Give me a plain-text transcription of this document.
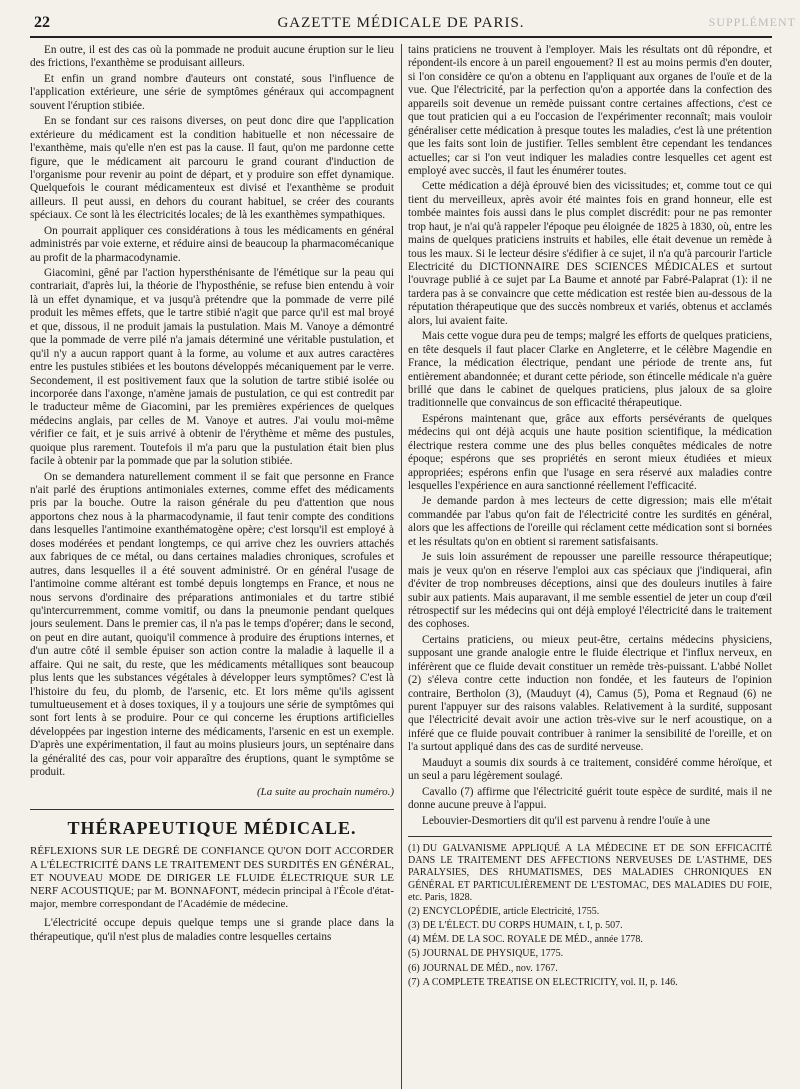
22	GAZETTE MÉDICALE DE PARIS.	SUPPLÉMENT

En outre, il est des cas où la pommade ne produit aucune éruption sur le lieu des frictions, l'exanthème se produisant ailleurs.

Et enfin un grand nombre d'auteurs ont constaté, sous l'influence de l'application extérieure, une série de symptômes généraux qui accompagnent souvent l'éruption stibiée.

En se fondant sur ces raisons diverses, on peut donc dire que l'application extérieure du médicament est la condition habituelle et non nécessaire de l'exanthème, mais qu'elle n'en est pas la cause. Il faut, qu'on me pardonne cette figure, que le médicament ait parcouru le grand courant d'induction de l'organisme pour revenir au point de départ, et y produire son effet dynamique. Quelquefois le courant médicamenteux est divisé et l'exanthème se produit ailleurs. Il peut aussi, en dehors du courant habituel, se créer des courants spéciaux. Ce sont là les électricités locales; de là les exanthèmes sympathiques.

On pourrait appliquer ces considérations à tous les médicaments en général administrés par voie externe, et réduire ainsi de beaucoup la pharmacomécanique au profit de la pharmacodynamie.

Giacomini, gêné par l'action hypersthénisante de l'émétique sur la peau qui contrariait, d'après lui, la théorie de l'hyposthénie, se refuse bien entendu à voir là un effet dynamique, et va jusqu'à prétendre que la pommade de verre pilé produit les mêmes effets, que le tartre stibié n'agit que parce qu'il est mal broyé et que, dissous, il ne produit jamais la pustulation. Mais M. Vanoye a démontré que la pommade de verre pilé n'a jamais déterminé une véritable pustulation, et qu'il n'y a aucun rapport quant à la forme, au volume et aux autres caractères entre les pustules stibiées et les boutons développés mécaniquement par le verre. Secondement, il est positivement faux que la solution de tartre stibié isolée ou incorporée dans l'axonge, n'amène jamais de pustulation, ce qui est contredit par le traducteur même de Giacomini, par les premières expériences de quelques médecins anglais, par celles de M. Vanoye et autres. J'ai voulu moi-même vérifier ce fait, et je suis arrivé à obtenir de l'érythème et même des pustules, quoique plus rarement. Toutefois il m'a paru que la pustulation était bien plus facile à obtenir par la pommade que par la solution stibiée.

On se demandera naturellement comment il se fait que personne en France n'ait parlé des éruptions antimoniales externes, comme effet des médicaments pris par la bouche. Outre la raison générale du peu d'attention que nous apportons chez nous à la pharmacodynamie, il faut tenir compte des conditions dans lesquelles l'antimoine exanthématogène opère; c'est lorsqu'il est employé à doses modérées et pendant longtemps, ce qui arrive chez les ouvriers attachés aux fabriques de ce métal, ou dans certaines maladies chroniques, scrofules et autres, dans lesquelles il a été souvent administré. Or en général l'usage de l'antimoine comme altérant est tombé depuis longtemps en France, et nous ne nous servons d'ordinaire des préparations antimoniales et du tartre stibié qu'intercurremment, comme vomitif, ou dans la pneumonie pendant quelques jours seulement. Dans le premier cas, il n'a pas le temps d'opérer; dans le second, on peut en dire autant, quoiqu'il commence à produire des éruptions internes, et d'un autre côté il semble épuiser son action contre la maladie à laquelle il a affaire. Qui ne sait, du reste, que les médicaments métalliques sont beaucoup plus lents que les substances végétales à développer leurs symptômes? C'est là l'histoire du feu, du plomb, de l'arsenic, etc. Et lors même qu'ils agissent tumultueusement et à doses toxiques, il y a toujours une série de symptômes qui sont fort lents à se produire. Pour ce qui concerne les éruptions artificielles développées par ingestion interne des médicaments, l'arsenic en est un exemple. D'après une expérimentation, il faut au moins plusieurs jours, un septénaire dans la généralité des cas, pour voir apparaître des éruptions, quant le symptôme se produit.

(La suite au prochain numéro.)
THÉRAPEUTIQUE MÉDICALE.

RÉFLEXIONS SUR LE DEGRÉ DE CONFIANCE QU'ON DOIT ACCORDER A L'ÉLECTRICITÉ DANS LE TRAITEMENT DES SURDITÉS EN GÉNÉRAL, ET NOUVEAU MODE DE DIRIGER LE FLUIDE ÉLECTRIQUE SUR LE NERF ACOUSTIQUE; par M. BONNAFONT, médecin principal à l'École d'état-major, membre correspondant de l'Académie de médecine.

L'électricité occupe depuis quelque temps une si grande place dans la thérapeutique, qu'il n'est plus de maladies contre lesquelles certains

tains praticiens ne trouvent à l'employer. Mais les résultats ont dû répondre, et répondent-ils encore à un pareil engouement? Il est au moins permis d'en douter, si l'on considère ce qu'on a obtenu en l'appliquant aux organes de l'ouïe et de la vue. Que l'électricité, par la perfection qu'on a apportée dans la confection des appareils soit devenue un remède puissant contre certaines affections, c'est ce que tout praticien qui a eu l'occasion de l'expérimenter reconnaît; mais vouloir généraliser cette médication à presque toutes les maladies, c'est là une prétention que les faits sont loin de justifier. Telles semblent être cependant les tendances actuelles; car si l'on veut indiquer les maladies contre lesquelles cet agent est employé avec succès, il faut les énumérer toutes.

Cette médication a déjà éprouvé bien des vicissitudes; et, comme tout ce qui tient du merveilleux, après avoir été maintes fois en grand honneur, elle est tombée maintes fois aussi dans le plus complet discrédit: pour ne pas remonter trop haut, je n'ai qu'à rappeler l'époque peu éloignée de 1825 à 1830, où, entre les mains de quelques praticiens instruits et habiles, elle était devenue un remède à tous les maux. Si le lecteur désire s'édifier à ce sujet, il n'a qu'à parcourir l'article Electricité du DICTIONNAIRE DES SCIENCES MÉDICALES et surtout l'ouvrage publié à ce sujet par La Baume et annoté par Fabré-Palaprat (1): il ne tardera pas à se convaincre que cette médication est restée bien au-dessous de la réputation thérapeutique que des succès nombreux et variés, obtenus et acclamés alors, lui avaient faite.

Mais cette vogue dura peu de temps; malgré les efforts de quelques praticiens, en tête desquels il faut placer Clarke en Angleterre, et le célèbre Magendie en France, la médication électrique, pendant une période de trente ans, fut entièrement abandonnée; et durant cette période, son étincelle médicale n'a guère brillé que dans le cabinet de quelques praticiens, plus jaloux de sa gloire traditionnelle que convaincus de son efficacité thérapeutique.

Espérons maintenant que, grâce aux efforts persévérants de quelques médecins qui ont déjà acquis une haute position scientifique, la médication électrique restera comme une des plus belles conquêtes médicales de notre époque; espérons que ses propriétés en seront mieux étudiées et mieux appropriées; espérons enfin que l'usage en sera réservé aux maladies contre lesquelles l'expérience en aura sanctionné réellement l'efficacité.

Je demande pardon à mes lecteurs de cette digression; mais elle m'était commandée par l'abus qu'on fait de l'électricité contre les surdités en général, alors que les affections de l'oreille qui réclament cette médication sont si bornées et les résultats qu'on en obtient si rarement satisfaisants.

Je suis loin assurément de repousser une pareille ressource thérapeutique; mais je veux qu'on en réserve l'emploi aux cas spéciaux que j'indiquerai, afin d'éviter de trop nombreuses déceptions, ainsi que des douleurs inutiles à faire subir aux patients. Mais auparavant, il me semble essentiel de jeter un coup d'œil rétrospectif sur les médecins qui ont déjà employé l'électricité dans le traitement des cophoses.

Certains praticiens, ou mieux peut-être, certains médecins physiciens, supposant une grande analogie entre le fluide électrique et l'influx nerveux, en inférèrent que ce fluide devait constituer un remède très-puissant. L'abbé Nollet (2) s'éleva contre cette induction non fondée, et les fauteurs de l'opinion contraire, Bertholon (3), (Mauduyt (4), Camus (5), Poma et Regnaud (6) ne purent l'appuyer sur des raisons valables. Relativement à la surdité, supposant que l'électricité devait avoir une action très-vive sur le nerf acoustique, on a inféré que ce fluide pouvait contribuer à ranimer la sensibilité de l'oreille, et on l'a surtout appliqué dans des cas de surdité nerveuse.

Mauduyt a soumis dix sourds à ce traitement, considéré comme héroïque, et un seul a paru légèrement soulagé.

Cavallo (7) affirme que l'électricité guérit toute espèce de surdité, mais il ne donne aucune preuve à l'appui.

Lebouvier-Desmortiers dit qu'il est parvenu à rendre l'ouïe à une

(1) DU GALVANISME APPLIQUÉ A LA MÉDECINE ET DE SON EFFICACITÉ DANS LE TRAITEMENT DES AFFECTIONS NERVEUSES DE L'ASTHME, DES PARALYSIES, DES RHUMATISMES, DES MALADIES CHRONIQUES EN GÉNÉRAL ET PARTICULIÈREMENT DE L'ESTOMAC, DES MALADIES DU FOIE, etc. Paris, 1828.

(2) ENCYCLOPÉDIE, article Electricité, 1755.

(3) DE L'ÉLECT. DU CORPS HUMAIN, t. I, p. 507.

(4) MÉM. DE LA SOC. ROYALE DE MÉD., année 1778.

(5) JOURNAL DE PHYSIQUE, 1775.

(6) JOURNAL DE MÉD., nov. 1767.

(7) A COMPLETE TREATISE ON ELECTRICITY, vol. II, p. 146.
